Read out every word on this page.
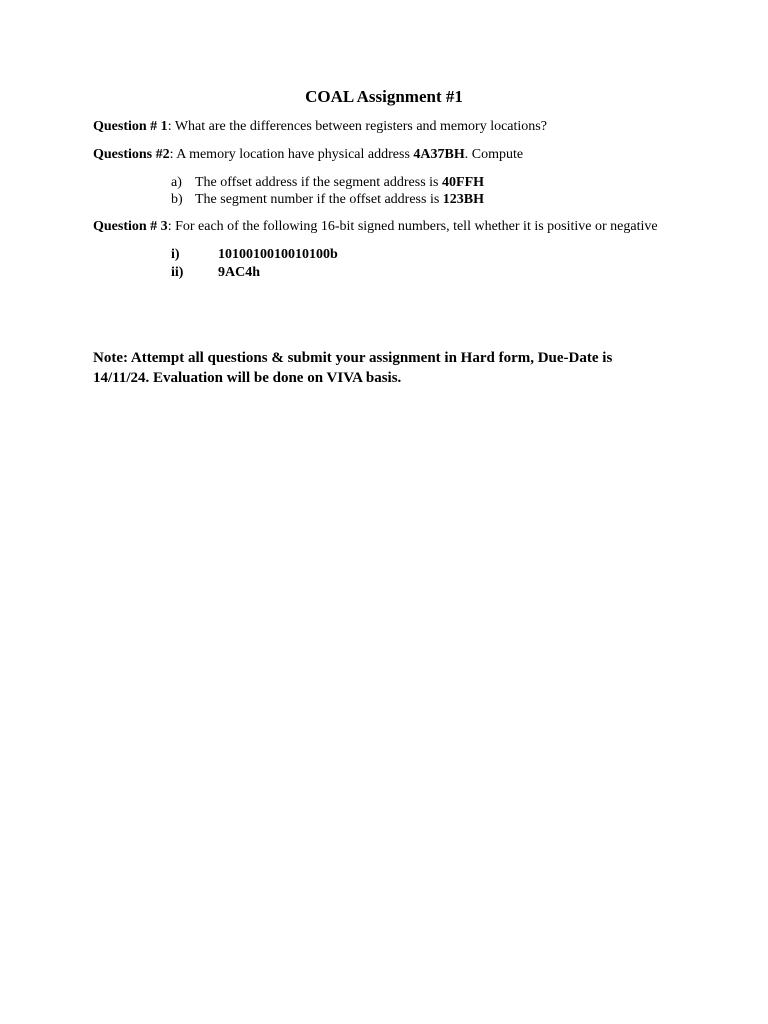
COAL Assignment #1
Question # 1: What are the differences between registers and memory locations?
Questions #2: A memory location have physical address 4A37BH. Compute
a) The offset address if the segment address is 40FFH
b) The segment number if the offset address is 123BH
Question # 3: For each of the following 16-bit signed numbers, tell whether it is positive or negative
i)	1010010010010100b
ii) 9AC4h
Note: Attempt all questions & submit your assignment in Hard form, Due-Date is 14/11/24. Evaluation will be done on VIVA basis.
